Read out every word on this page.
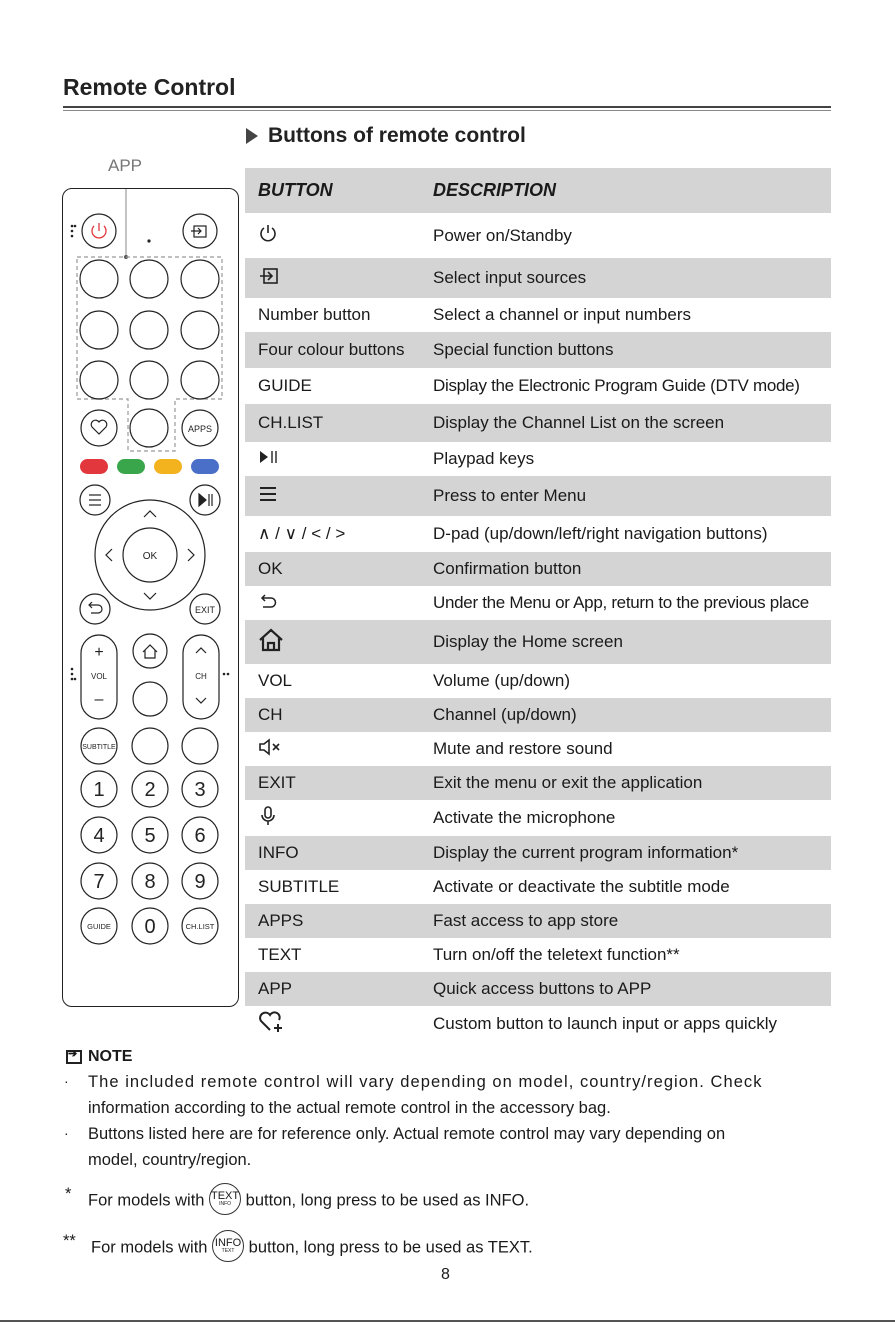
Remote Control
Buttons of remote control
APP
APPS
OK
EXIT
+
VOL
–
CH
SUBTITLE
1 2 3
4 5 6
7 8 9
0
GUIDE	CH.LIST
BUTTON	DESCRIPTION
	Power on/Standby
	Select input sources
Number button	Select a channel or input numbers
Four colour buttons	Special function buttons
GUIDE	Display the Electronic Program Guide (DTV mode)
CH.LIST	Display the Channel List on the screen
	Playpad keys
	Press to enter Menu
∧ / ∨ / < / >	D-pad (up/down/left/right navigation buttons)
OK	Confirmation button
	Under the Menu or App, return to the previous place
	Display the Home screen
VOL	Volume (up/down)
CH	Channel (up/down)
	Mute and restore sound
EXIT	Exit the menu or exit the application
	Activate the microphone
INFO	Display the current program information*
SUBTITLE	Activate or deactivate the subtitle mode
APPS	Fast access to app store
TEXT	Turn on/off the teletext function**
APP	Quick access buttons to APP
	Custom button to launch input or apps quickly
➔
NOTE
· The included remote control will vary depending on model, country/region. Check
information according to the actual remote control in the accessory bag.
· Buttons listed here are for reference only. Actual remote control may vary depending on
model, country/region.
* For models with TEXT
INFO button, long press to be used as INFO.
** For models with INFO
TEXT button, long press to be used as TEXT.
8
